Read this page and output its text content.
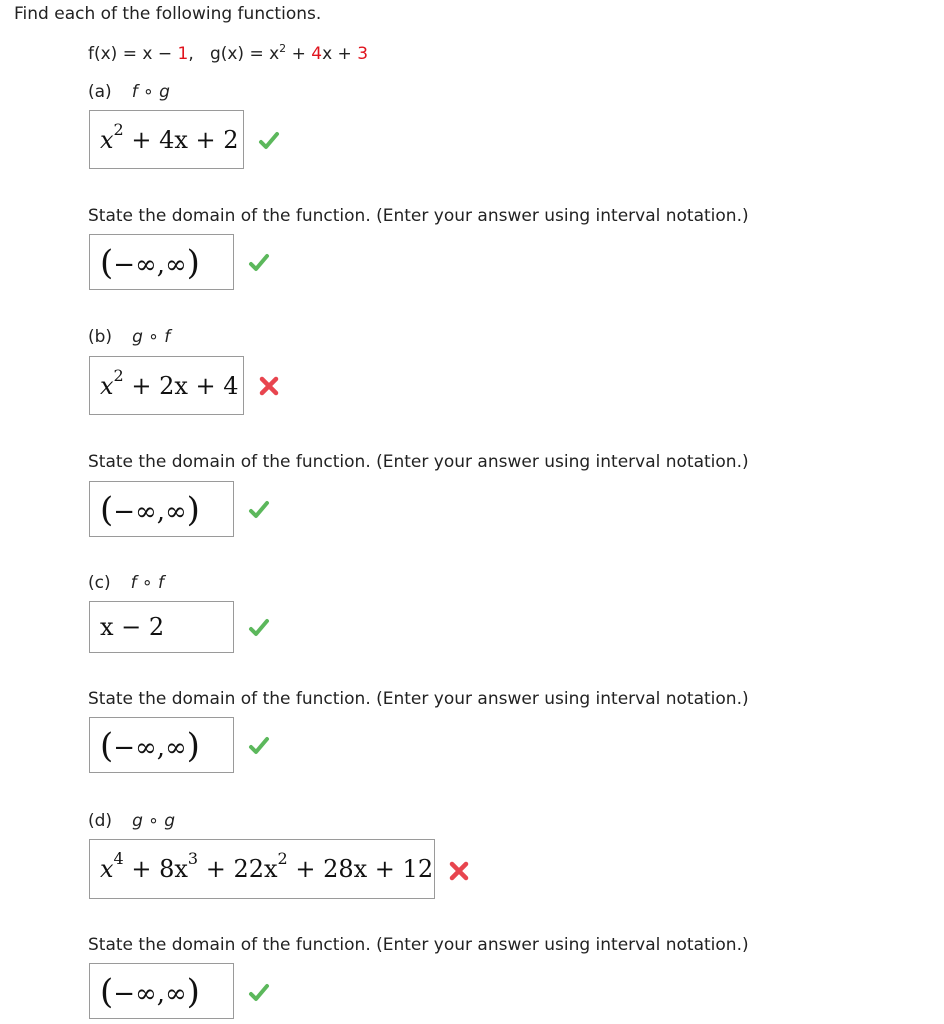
Find each of the following functions.
f(x) = x − 1, $g(x) = x^2 + 4x + 3$
(a) f ∘ g
$x^2 + 4x + 2$
State the domain of the function. (Enter your answer using interval notation.)
(−∞,∞)
(b) g ∘ f
$x^2 + 2x + 4$
State the domain of the function. (Enter your answer using interval notation.)
(−∞,∞)
(c) f ∘ f
x − 2
State the domain of the function. (Enter your answer using interval notation.)
(−∞,∞)
(d) g ∘ g
$x^4 + 8x^3 + 22x^2 + 28x + 12$
State the domain of the function. (Enter your answer using interval notation.)
(−∞,∞)
